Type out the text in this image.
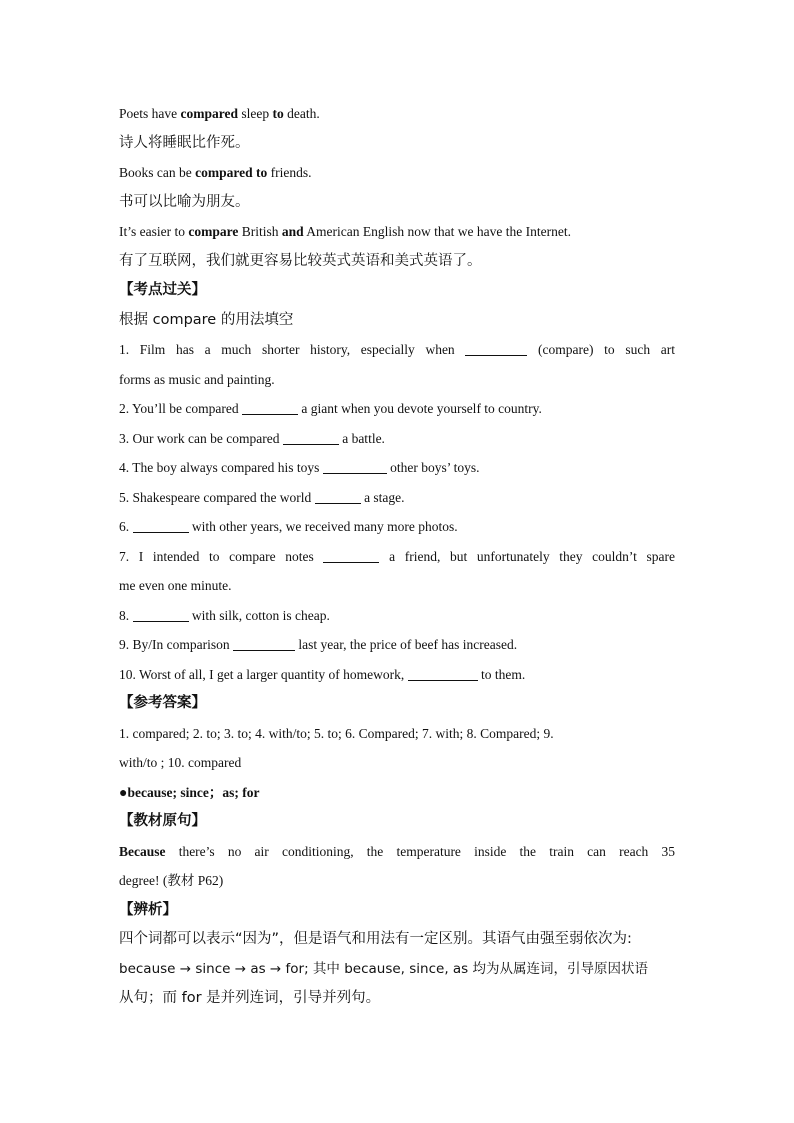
Poets have compared sleep to death.
诗人将睡眠比作死。
Books can be compared to friends.
书可以比喻为朋友。
It’s easier to compare British and American English now that we have the Internet.
有了互联网，我们就更容易比较英式英语和美式英语了。
【考点过关】
根据 compare 的用法填空
1. Film has a much shorter history, especially when	(compare) to such art
forms as music and painting.
2. You’ll be compared	a giant when you devote yourself to country.
3. Our work can be compared	a battle.
4. The boy always compared his toys	other boys’ toys.
5. Shakespeare compared the world	a stage.
6.	with other years, we received many more photos.
7. I intended to compare notes	a friend, but unfortunately they couldn’t spare
me even one minute.
8.	with silk, cotton is cheap.
9. By/In comparison	last year, the price of beef has increased.
10. Worst of all, I get a larger quantity of homework,	to them.
【参考答案】
1. compared; 2. to; 3. to; 4. with/to; 5. to; 6. Compared; 7. with; 8. Compared; 9.
with/to ; 10. compared
●because; since；as; for
【教材原句】
Because there’s no air conditioning, the temperature inside the train can reach 35
degree! (教材 P62)
【辨析】
四个词都可以表示“因为”，但是语气和用法有一定区别。其语气由强至弱依次为:
because → since → as → for; 其中 because, since, as 均为从属连词，引导原因状语
从句；而 for 是并列连词，引导并列句。
